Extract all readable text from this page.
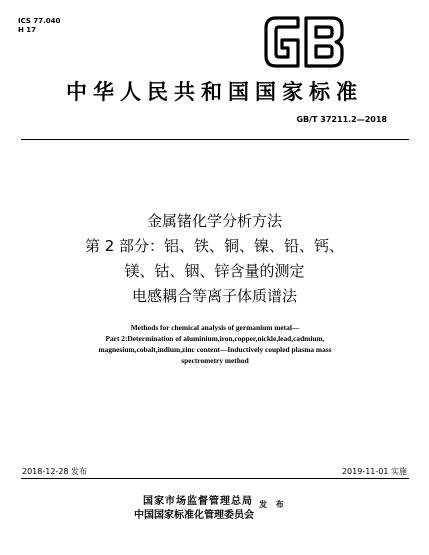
ICS 77.040
H 17
中华人民共和国国家标准
GB/T 37211.2—2018
金属锗化学分析方法
第 2 部分：铝、铁、铜、镍、铅、钙、
镁、钴、铟、锌含量的测定
电感耦合等离子体质谱法
Methods for chemical analysis of germanium metal—
Part 2:Determination of aluminium,iron,copper,nickle,lead,cadmium,
magnesium,cobalt,indium,zinc content—Inductively coupled plasma mass
spectrometry method
2018-12-28 发布	2019-11-01 实施
国家市场监督管理总局
中国国家标准化管理委员会
发 布
